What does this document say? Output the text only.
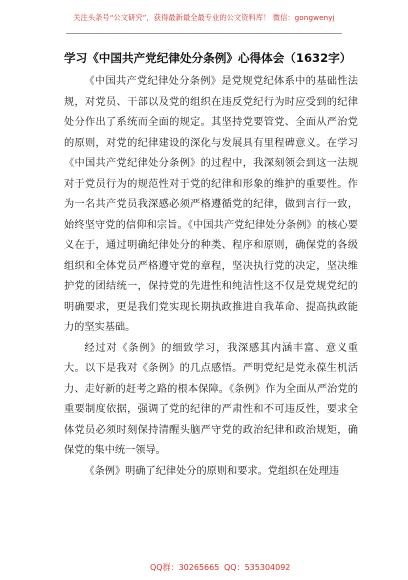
关注头条号“公文研究”，获得最新最全最专业的公文资料库！ 微信：gongwenyj
学习《中国共产党纪律处分条例》心得体会（1632字）

《中国共产党纪律处分条例》是党规党纪体系中的基础性法规，对党员、干部以及党的组织在违反党纪行为时应受到的纪律处分作出了系统而全面的规定。其坚持党要管党、全面从严治党的原则，对党的纪律建设的深化与发展具有里程碑意义。在学习《中国共产党纪律处分条例》的过程中，我深刻领会到这一法规对于党员行为的规范性对于党的纪律和形象的维护的重要性。作为一名共产党员我深感必须严格遵循党的纪律，做到言行一致，始终坚守党的信仰和宗旨。《中国共产党纪律处分条例》的核心要义在于，通过明确纪律处分的种类、程序和原则，确保党的各级组织和全体党员严格遵守党的章程，坚决执行党的决定，坚决维护党的团结统一，保持党的先进性和纯洁性这不仅是党规党纪的明确要求，更是我们党实现长期执政推进自我革命、提高执政能力的坚实基础。

经过对《条例》的细致学习，我深感其内涵丰富、意义重大。以下是我对《条例》的几点感悟。严明党纪是党永葆生机活力、走好新的赶考之路的根本保障。《条例》作为全面从严治党的重要制度依据，强调了党的纪律的严肃性和不可违反性，要求全体党员必须时刻保持清醒头脑严守党的政治纪律和政治规矩，确保党的集中统一领导。

《条例》明确了纪律处分的原则和要求。党组织在处理违

QQ群：30265665 QQ：535304092
